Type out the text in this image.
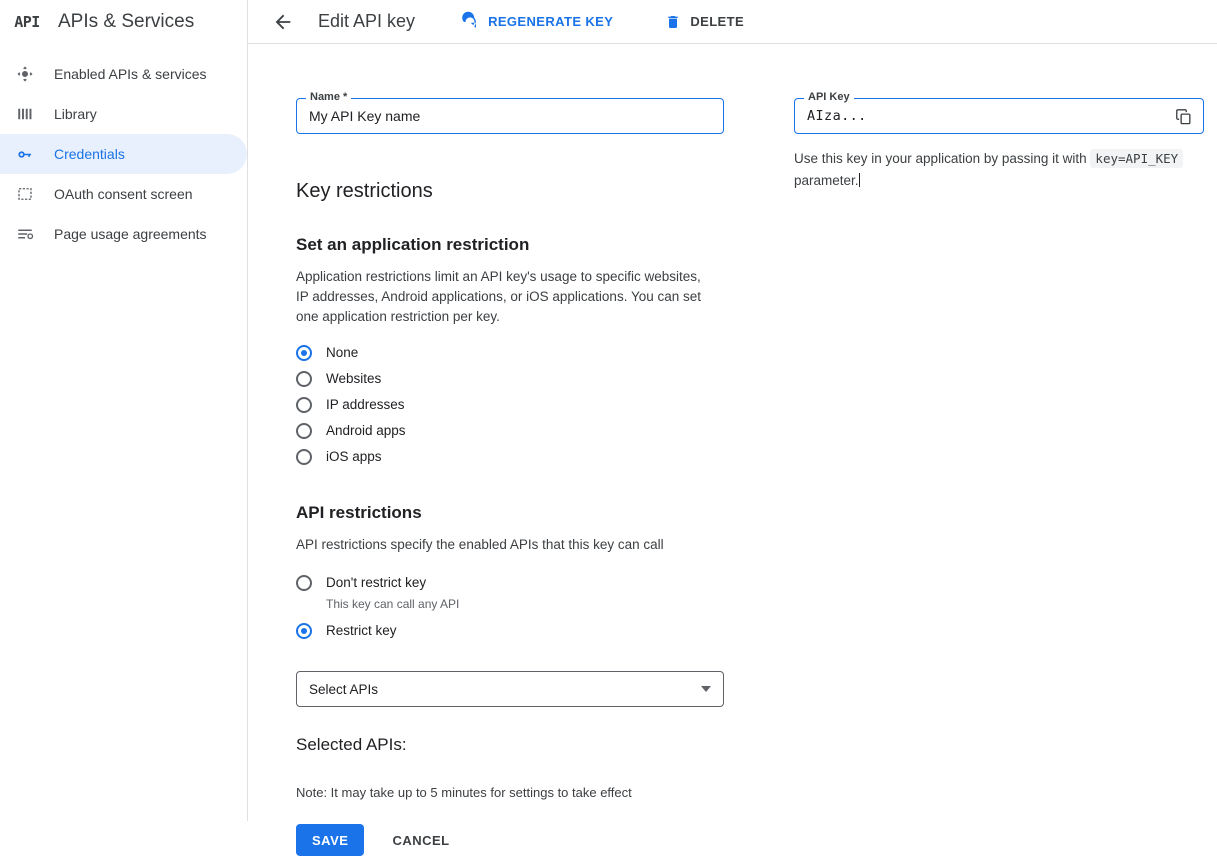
API APIs & Services
Enabled APIs & services
Library
Credentials
OAuth consent screen
Page usage agreements
Edit API key	REGENERATE KEY	DELETE
Name *
My API Key name
Key restrictions
Set an application restriction

Application restrictions limit an API key's usage to specific websites, IP addresses, Android applications, or iOS applications. You can set one application restriction per key.

None
Websites
IP addresses
Android apps
iOS apps
API restrictions

API restrictions specify the enabled APIs that this key can call

Don't restrict key
This key can call any API
Restrict key
Select APIs
Selected APIs:
Note: It may take up to 5 minutes for settings to take effect
SAVE	CANCEL
API Key
AIza...
Use this key in your application by passing it with key=API_KEY parameter.
